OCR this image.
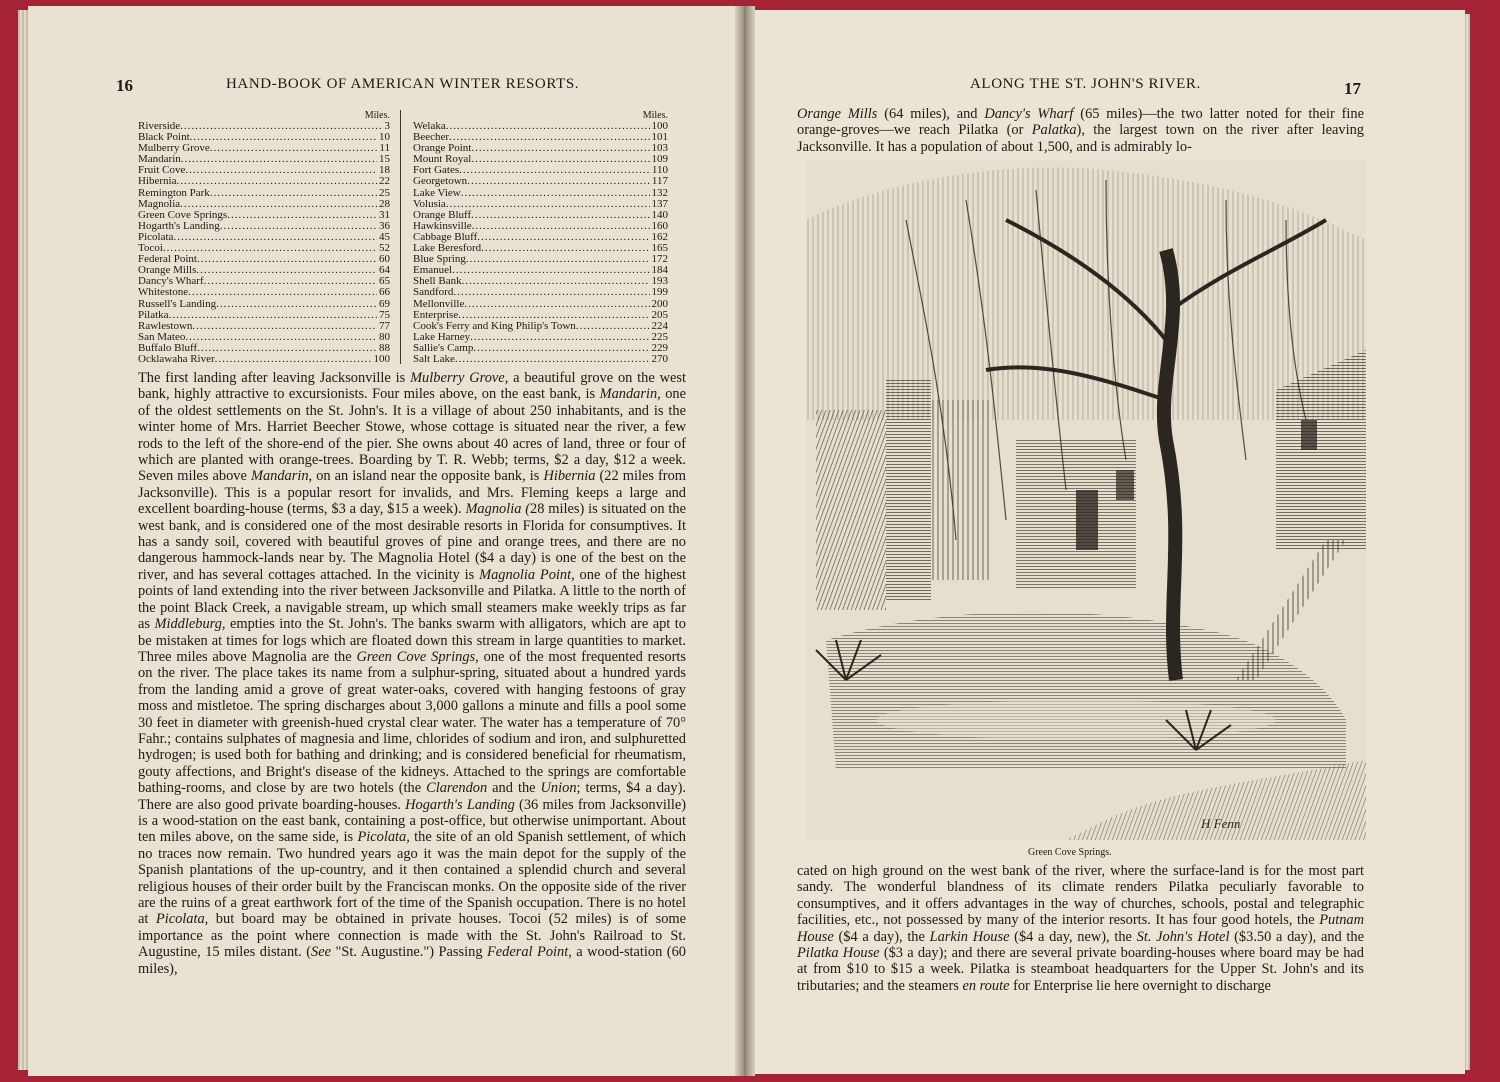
16	HAND-BOOK OF AMERICAN WINTER RESORTS.
Miles.
Riverside .....	3
Black Point .....	10
Mulberry Grove .....	11
Mandarin .....	15
Fruit Cove .....	18
Hibernia .....	22
Remington Park .....	25
Magnolia .....	28
Green Cove Springs .....	31
Hogarth's Landing .....	36
Picolata .....	45
Tocoi .....	52
Federal Point .....	60
Orange Mills .....	64
Dancy's Wharf .....	65
Whitestone .....	66
Russell's Landing .....	69
Pilatka .....	75
Rawlestown .....	77
San Mateo .....	80
Buffalo Bluff .....	88
Ocklawaha River .....	100
Miles.
Welaka .....	100
Beecher .....	101
Orange Point .....	103
Mount Royal .....	109
Fort Gates .....	110
Georgetown .....	117
Lake View .....	132
Volusia .....	137
Orange Bluff .....	140
Hawkinsville .....	160
Cabbage Bluff .....	162
Lake Beresford .....	165
Blue Spring .....	172
Emanuel .....	184
Shell Bank .....	193
Sandford .....	199
Mellonville .....	200
Enterprise .....	205
Cook's Ferry and King Philip's Town .....	224
Lake Harney .....	225
Sallie's Camp .....	229
Salt Lake .....	270
The first landing after leaving Jacksonville is Mulberry Grove, a beautiful grove on the west bank, highly attractive to excursionists. Four miles above, on the east bank, is Mandarin, one of the oldest settlements on the St. John's. It is a village of about 250 inhabitants, and is the winter home of Mrs. Harriet Beecher Stowe, whose cottage is situated near the river, a few rods to the left of the shore-end of the pier. She owns about 40 acres of land, three or four of which are planted with orange-trees. Boarding by T. R. Webb; terms, $2 a day, $12 a week. Seven miles above Mandarin, on an island near the opposite bank, is Hibernia (22 miles from Jacksonville). This is a popular resort for invalids, and Mrs. Fleming keeps a large and excellent boarding-house (terms, $3 a day, $15 a week). Magnolia (28 miles) is situated on the west bank, and is considered one of the most desirable resorts in Florida for consumptives. It has a sandy soil, covered with beautiful groves of pine and orange trees, and there are no dangerous hammock-lands near by. The Magnolia Hotel ($4 a day) is one of the best on the river, and has several cottages attached. In the vicinity is Magnolia Point, one of the highest points of land extending into the river between Jacksonville and Pilatka. A little to the north of the point Black Creek, a navigable stream, up which small steamers make weekly trips as far as Middleburg, empties into the St. John's. The banks swarm with alligators, which are apt to be mistaken at times for logs which are floated down this stream in large quantities to market. Three miles above Magnolia are the Green Cove Springs, one of the most frequented resorts on the river. The place takes its name from a sulphur-spring, situated about a hundred yards from the landing amid a grove of great water-oaks, covered with hanging festoons of gray moss and mistletoe. The spring discharges about 3,000 gallons a minute and fills a pool some 30 feet in diameter with greenish-hued crystal clear water. The water has a temperature of 70° Fahr.; contains sulphates of magnesia and lime, chlorides of sodium and iron, and sulphuretted hydrogen; is used both for bathing and drinking; and is considered beneficial for rheumatism, gouty affections, and Bright's disease of the kidneys. Attached to the springs are comfortable bathing-rooms, and close by are two hotels (the Clarendon and the Union; terms, $4 a day). There are also good private boarding-houses. Hogarth's Landing (36 miles from Jacksonville) is a wood-station on the east bank, containing a post-office, but otherwise unimportant. About ten miles above, on the same side, is Picolata, the site of an old Spanish settlement, of which no traces now remain. Two hundred years ago it was the main depot for the supply of the Spanish plantations of the up-country, and it then contained a splendid church and several religious houses of their order built by the Franciscan monks. On the opposite side of the river are the ruins of a great earthwork fort of the time of the Spanish occupation. There is no hotel at Picolata, but board may be obtained in private houses. Tocoi (52 miles) is of some importance as the point where connection is made with the St. John's Railroad to St. Augustine, 15 miles distant. (See "St. Augustine.") Passing Federal Point, a wood-station (60 miles),
ALONG THE ST. JOHN'S RIVER.	17
Orange Mills (64 miles), and Dancy's Wharf (65 miles)—the two latter noted for their fine orange-groves—we reach Pilatka (or Palatka), the largest town on the river after leaving Jacksonville. It has a population of about 1,500, and is admirably lo-
H Fenn
Green Cove Springs.
cated on high ground on the west bank of the river, where the surface-land is for the most part sandy. The wonderful blandness of its climate renders Pilatka peculiarly favorable to consumptives, and it offers advantages in the way of churches, schools, postal and telegraphic facilities, etc., not possessed by many of the interior resorts. It has four good hotels, the Putnam House ($4 a day), the Larkin House ($4 a day, new), the St. John's Hotel ($3.50 a day), and the Pilatka House ($3 a day); and there are several private boarding-houses where board may be had at from $10 to $15 a week. Pilatka is steamboat headquarters for the Upper St. John's and its tributaries; and the steamers en route for Enterprise lie here overnight to discharge
